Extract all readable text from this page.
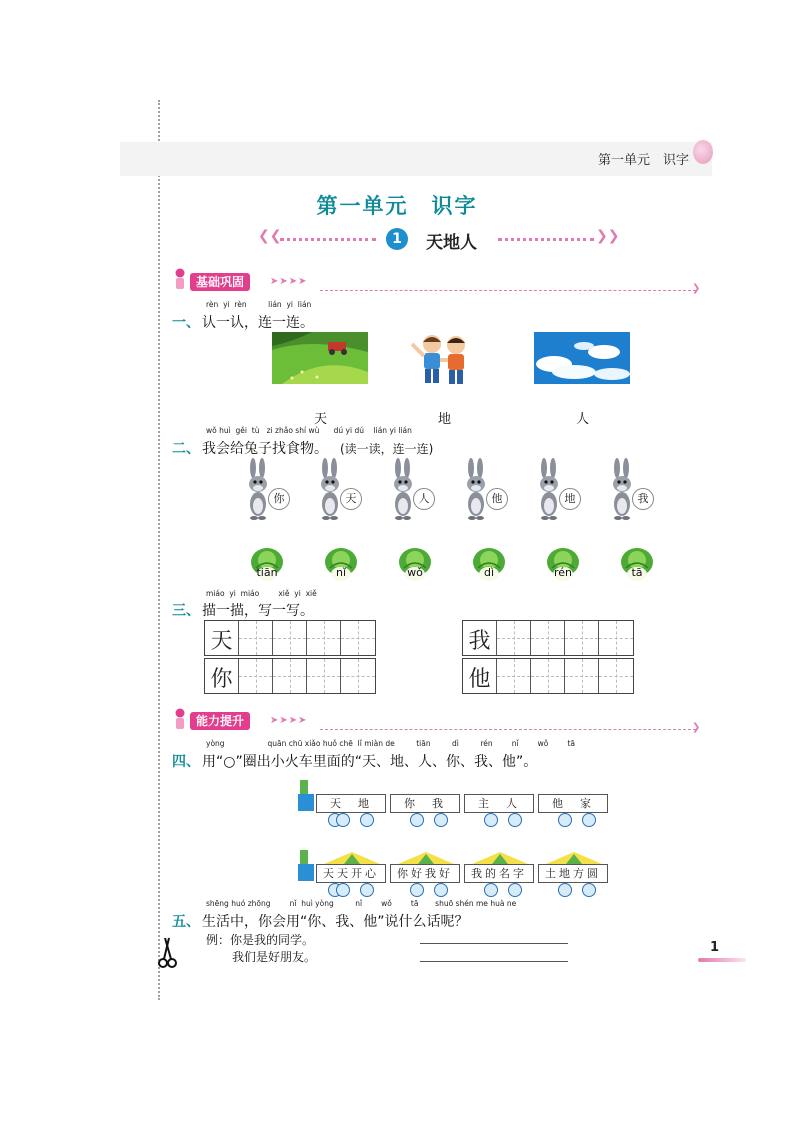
第一单元　识字
第一单元　识字
❮❮	1	天地人	❯❯
基础巩固	➤➤➤➤
❯
rèn yi rèn	lián yi lián
一、 认一认，连一连。
天	地	人
wǒ huì gěi tù zi zhǎo shí wù dú yi dú lián yi lián
二、 我会给兔子找食物。 (读一读，连一连)
你	天	人	他	地	我
tiān	nǐ	wǒ	dì	rén	tā
miáo yi miáo	xiě yi xiě
三、 描一描，写一写。
天	我
你	他
能力提升	➤➤➤➤
❯
yòng	quān chū xiǎo huǒ chē lǐ miàn de	tiān	dì	rén	nǐ	wǒ	tā
四、 用“○”圈出小火车里面的“天、地、人、你、我、他”。
天　地	你　我	主　人	他　家
天天开心	你好我好	我的名字	土地方圆
shēng huó zhōng	nǐ huì yòng	nǐ	wǒ	tā shuō shén me huà ne
五、 生活中，你会用“你、我、他”说什么话呢？
例：你是我的同学。
我们是好朋友。
1
